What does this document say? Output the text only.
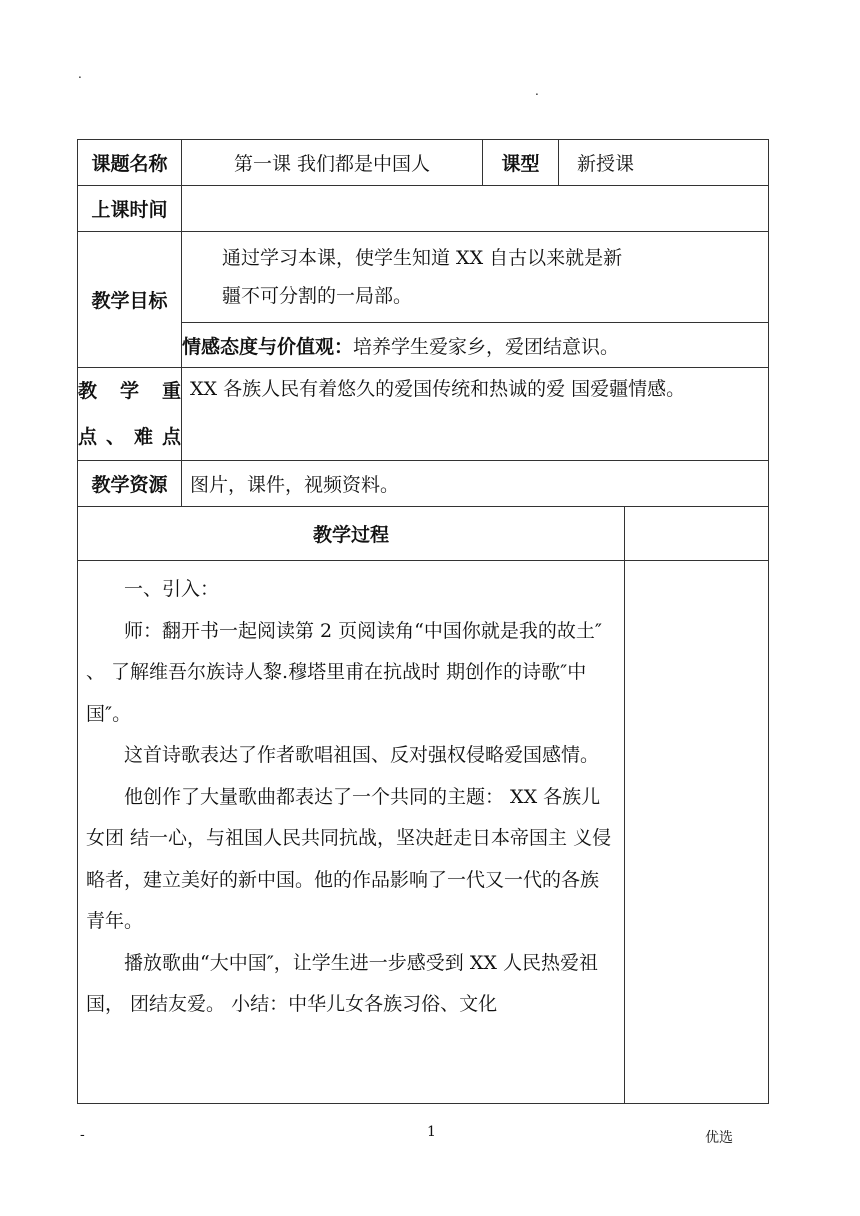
.
.
课题名称	第一课 我们都是中国人	课型	新授课	
上课时间				
教学目标	通过学习本课，使学生知道 XX 自古以来就是新
疆不可分割的一局部。			

	情感态度与价值观：培养学生爱家乡，爱团结意识。			

教 学 重
点、难点	XX 各族人民有着悠久的爱国传统和热诚的爱 国爱疆情感。			
教学资源	图片，课件，视频资料。			
教学过程				

一、引入：

师：翻开书一起阅读第 2 页阅读角“中国你就是我的故土″ 、 了解维吾尔族诗人黎.穆塔里甫在抗战时 期创作的诗歌″中国″。

这首诗歌表达了作者歌唱祖国、反对强权侵略爱国感情。

他创作了大量歌曲都表达了一个共同的主题： XX 各族儿女团 结一心，与祖国人民共同抗战，坚决赶走日本帝国主 义侵略者，建立美好的新中国。他的作品影响了一代又一代的各族青年。

播放歌曲“大中国″，让学生进一步感受到 XX 人民热爱祖国， 团结友爱。 小结：中华儿女各族习俗、文化				

-	1	优选
